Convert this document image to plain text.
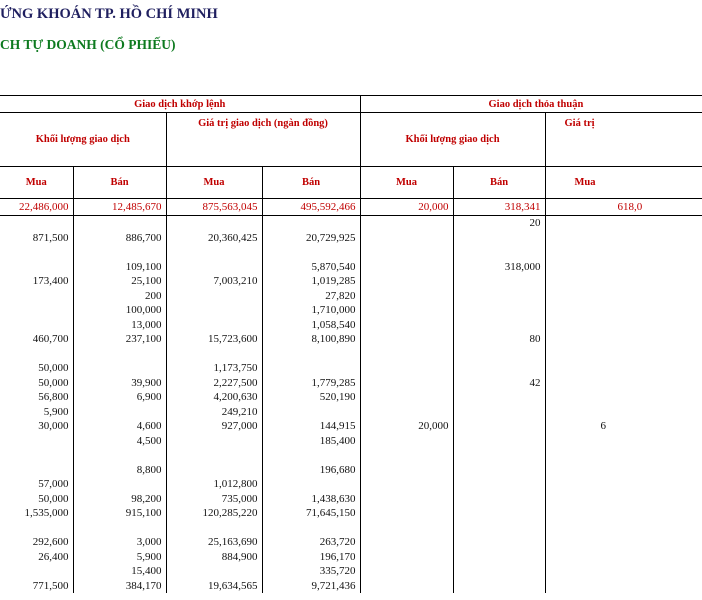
ỨNG KHOÁN TP. HỒ CHÍ MINH
CH TỰ DOANH (CỔ PHIẾU)
Giao dịch khớp lệnh				Giao dịch thỏa thuận		
Khối lượng giao dịch		Giá trị giao dịch (ngàn đồng)		Khối lượng giao dịch		Giá trị
Mua	Bán	Mua	Bán	Mua	Bán	Mua
22,486,000	12,485,670	875,563,045	495,592,466	20,000	318,341	618,0
					20	
871,500	886,700	20,360,425	20,729,925			

	109,100		5,870,540		318,000	
173,400	25,100	7,003,210	1,019,285			
	200		27,820			
	100,000		1,710,000			
	13,000		1,058,540			
460,700	237,100	15,723,600	8,100,890		80	

50,000		1,173,750				
50,000	39,900	2,227,500	1,779,285		42	
56,800	6,900	4,200,630	520,190			
5,900		249,210				
30,000	4,600	927,000	144,915	20,000		6
	4,500		185,400			

	8,800		196,680			
57,000		1,012,800				
50,000	98,200	735,000	1,438,630			
1,535,000	915,100	120,285,220	71,645,150			

292,600	3,000	25,163,690	263,720			
26,400	5,900	884,900	196,170			
	15,400		335,720			
771,500	384,170	19,634,565	9,721,436			
